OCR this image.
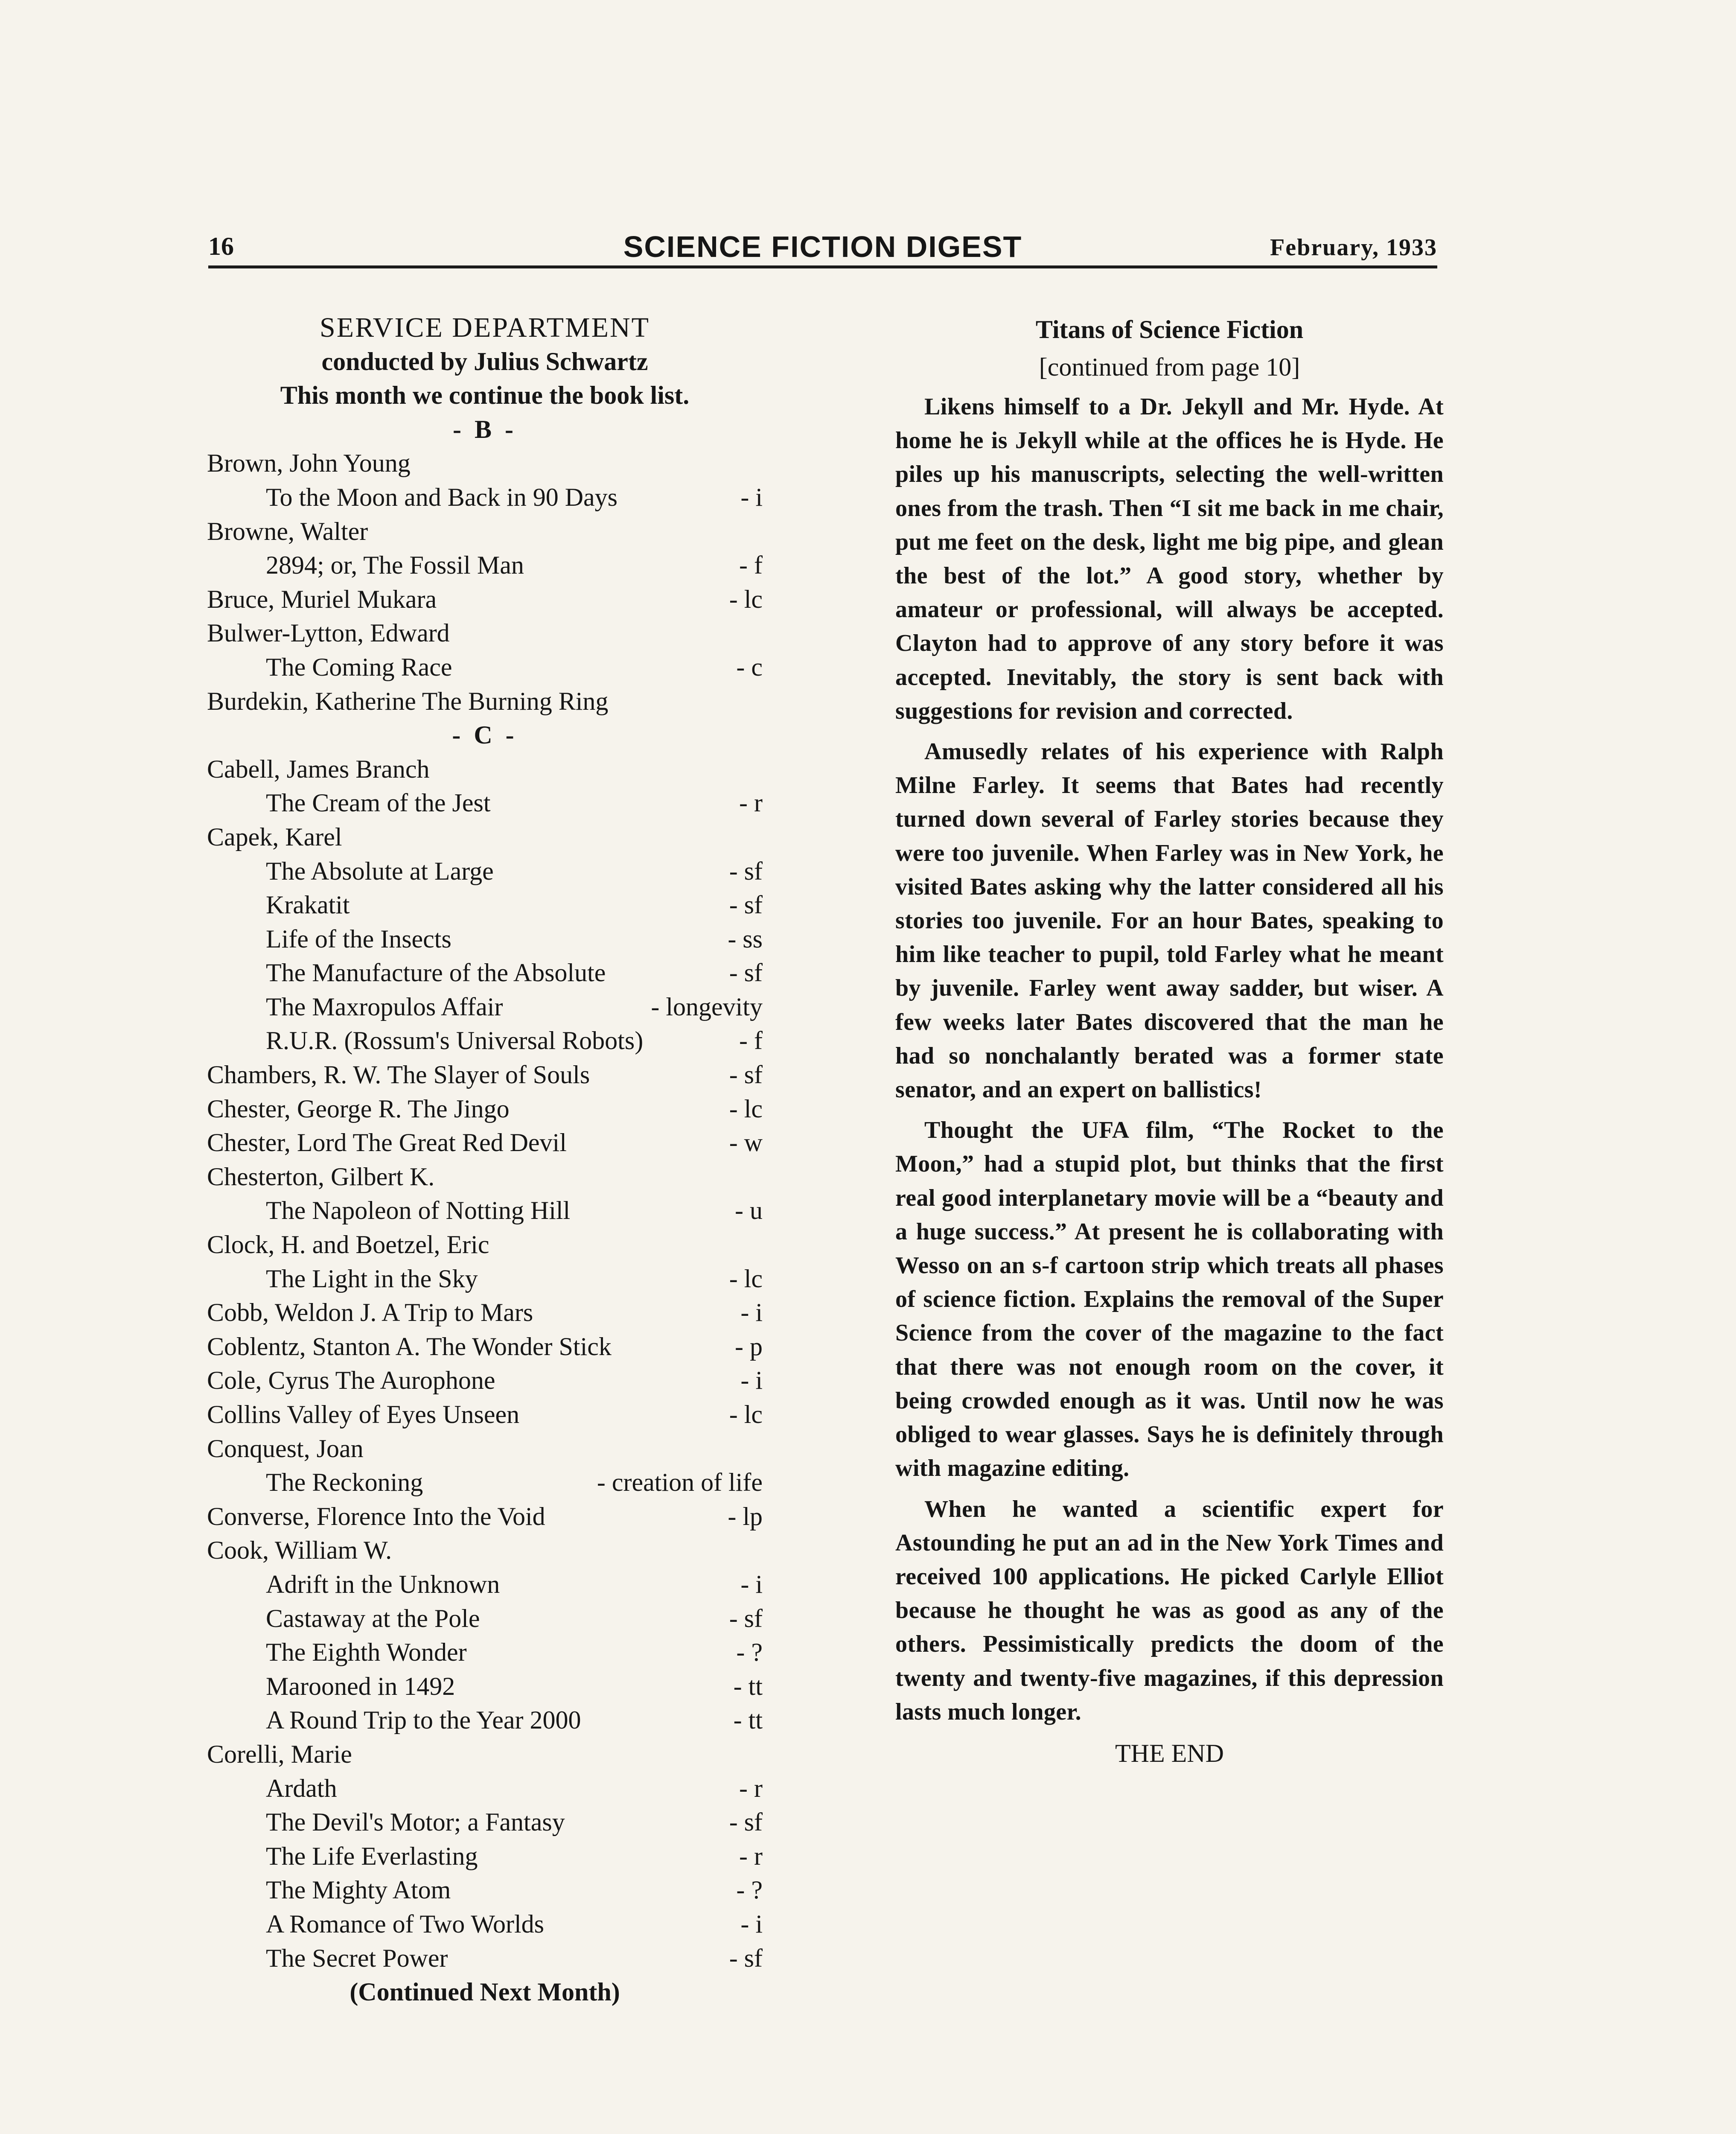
16	SCIENCE FICTION DIGEST	February, 1933
SERVICE DEPARTMENT
conducted by Julius Schwartz
This month we continue the book list.
- B -
Brown, John Young
To the Moon and Back in 90 Days	- i
Browne, Walter
2894; or, The Fossil Man	- f
Bruce, Muriel Mukara	- lc
Bulwer-Lytton, Edward
The Coming Race	- c
Burdekin, Katherine The Burning Ring
- C -
Cabell, James Branch
The Cream of the Jest	- r
Capek, Karel
The Absolute at Large	- sf
Krakatit	- sf
Life of the Insects	- ss
The Manufacture of the Absolute	- sf
The Maxropulos Affair	- longevity
R.U.R. (Rossum's Universal Robots)	- f
Chambers, R. W. The Slayer of Souls	- sf
Chester, George R. The Jingo	- lc
Chester, Lord The Great Red Devil	- w
Chesterton, Gilbert K.
The Napoleon of Notting Hill	- u
Clock, H. and Boetzel, Eric
The Light in the Sky	- lc
Cobb, Weldon J. A Trip to Mars	- i
Coblentz, Stanton A. The Wonder Stick	- p
Cole, Cyrus The Aurophone	- i
Collins Valley of Eyes Unseen	- lc
Conquest, Joan
The Reckoning	- creation of life
Converse, Florence Into the Void	- lp
Cook, William W.
Adrift in the Unknown	- i
Castaway at the Pole	- sf
The Eighth Wonder	- ?
Marooned in 1492	- tt
A Round Trip to the Year 2000	- tt
Corelli, Marie
Ardath	- r
The Devil's Motor; a Fantasy	- sf
The Life Everlasting	- r
The Mighty Atom	- ?
A Romance of Two Worlds	- i
The Secret Power	- sf
(Continued Next Month)
Titans of Science Fiction
[continued from page 10]

Likens himself to a Dr. Jekyll and Mr. Hyde. At home he is Jekyll while at the offices he is Hyde. He piles up his manuscripts, selecting the well-written ones from the trash. Then “I sit me back in me chair, put me feet on the desk, light me big pipe, and glean the best of the lot.” A good story, whether by amateur or professional, will always be accepted. Clayton had to approve of any story before it was accepted. Inevitably, the story is sent back with suggestions for revision and corrected.

Amusedly relates of his experience with Ralph Milne Farley. It seems that Bates had recently turned down several of Farley stories because they were too juvenile. When Farley was in New York, he visited Bates asking why the latter considered all his stories too juvenile. For an hour Bates, speaking to him like teacher to pupil, told Farley what he meant by juvenile. Farley went away sadder, but wiser. A few weeks later Bates discovered that the man he had so nonchalantly berated was a former state senator, and an expert on ballistics!

Thought the UFA film, “The Rocket to the Moon,” had a stupid plot, but thinks that the first real good interplanetary movie will be a “beauty and a huge success.” At present he is collaborating with Wesso on an s-f cartoon strip which treats all phases of science fiction. Explains the removal of the Super Science from the cover of the magazine to the fact that there was not enough room on the cover, it being crowded enough as it was. Until now he was obliged to wear glasses. Says he is definitely through with magazine editing.

When he wanted a scientific expert for Astounding he put an ad in the New York Times and received 100 applications. He picked Carlyle Elliot because he thought he was as good as any of the others. Pessimistically predicts the doom of the twenty and twenty-five magazines, if this depression lasts much longer.

THE END
